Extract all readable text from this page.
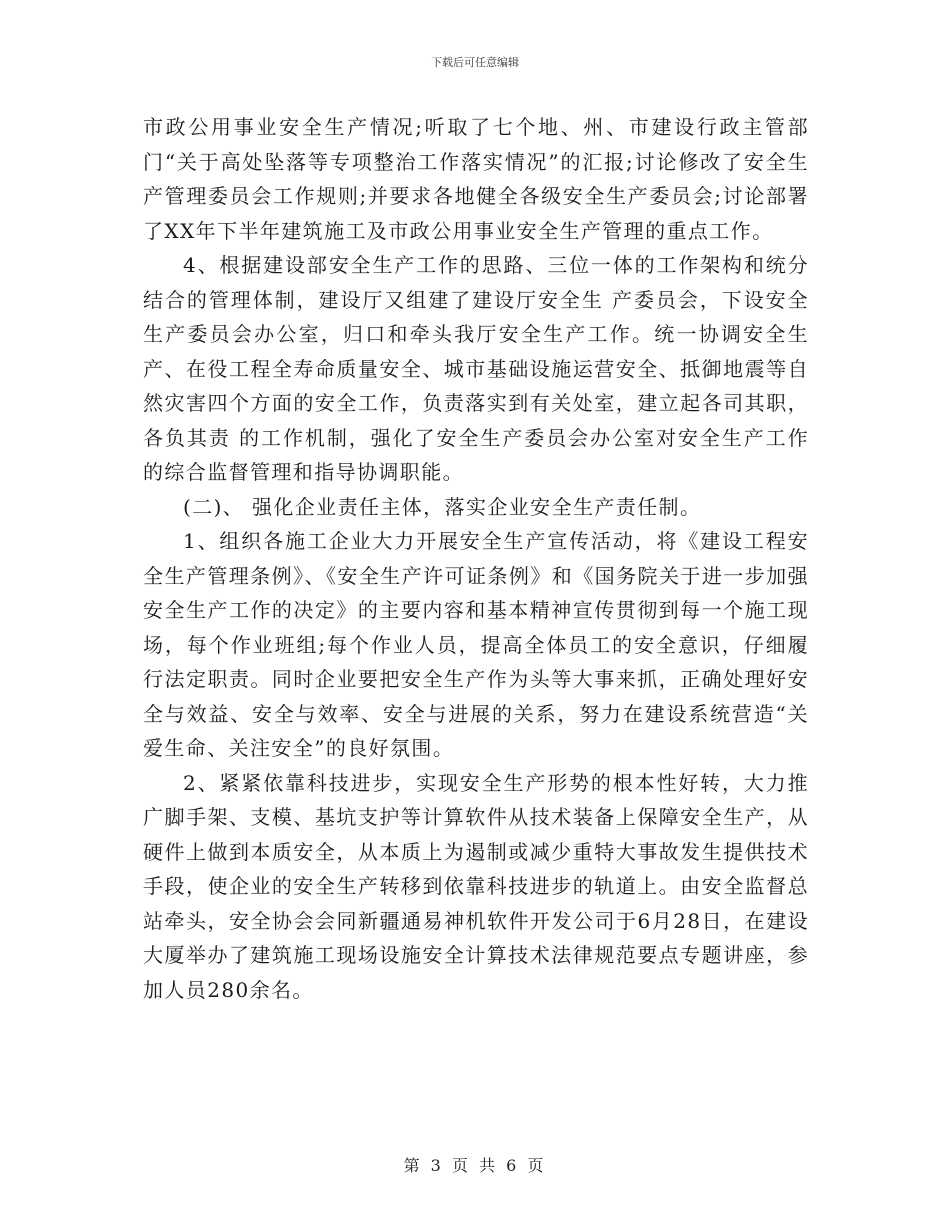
下载后可任意编辑

市政公用事业安全生产情况;听取了七个地、州、市建设行政主管部门“关于高处坠落等专项整治工作落实情况”的汇报;讨论修改了安全生产管理委员会工作规则;并要求各地健全各级安全生产委员会;讨论部署了XX年下半年建筑施工及市政公用事业安全生产管理的重点工作。

4、根据建设部安全生产工作的思路、三位一体的工作架构和统分结合的管理体制，建设厅又组建了建设厅安全生 产委员会，下设安全生产委员会办公室，归口和牵头我厅安全生产工作。统一协调安全生产、在役工程全寿命质量安全、城市基础设施运营安全、抵御地震等自然灾害四个方面的安全工作，负责落实到有关处室，建立起各司其职，各负其责 的工作机制，强化了安全生产委员会办公室对安全生产工作的综合监督管理和指导协调职能。

(二)、 强化企业责任主体，落实企业安全生产责任制。

1、组织各施工企业大力开展安全生产宣传活动，将《建设工程安全生产管理条例》、《安全生产许可证条例》和《国务院关于进一步加强安全生产工作的决定》的主要内容和基本精神宣传贯彻到每一个施工现场，每个作业班组;每个作业人员，提高全体员工的安全意识，仔细履行法定职责。同时企业要把安全生产作为头等大事来抓，正确处理好安全与效益、安全与效率、安全与进展的关系，努力在建设系统营造“关爱生命、关注安全”的良好氛围。

2、紧紧依靠科技进步，实现安全生产形势的根本性好转，大力推广脚手架、支模、基坑支护等计算软件从技术装备上保障安全生产，从硬件上做到本质安全，从本质上为遏制或减少重特大事故发生提供技术手段，使企业的安全生产转移到依靠科技进步的轨道上。由安全监督总站牵头，安全协会会同新疆通易神机软件开发公司于6月28日，在建设大厦举办了建筑施工现场设施安全计算技术法律规范要点专题讲座，参加人员280余名。

第 3 页 共 6 页
